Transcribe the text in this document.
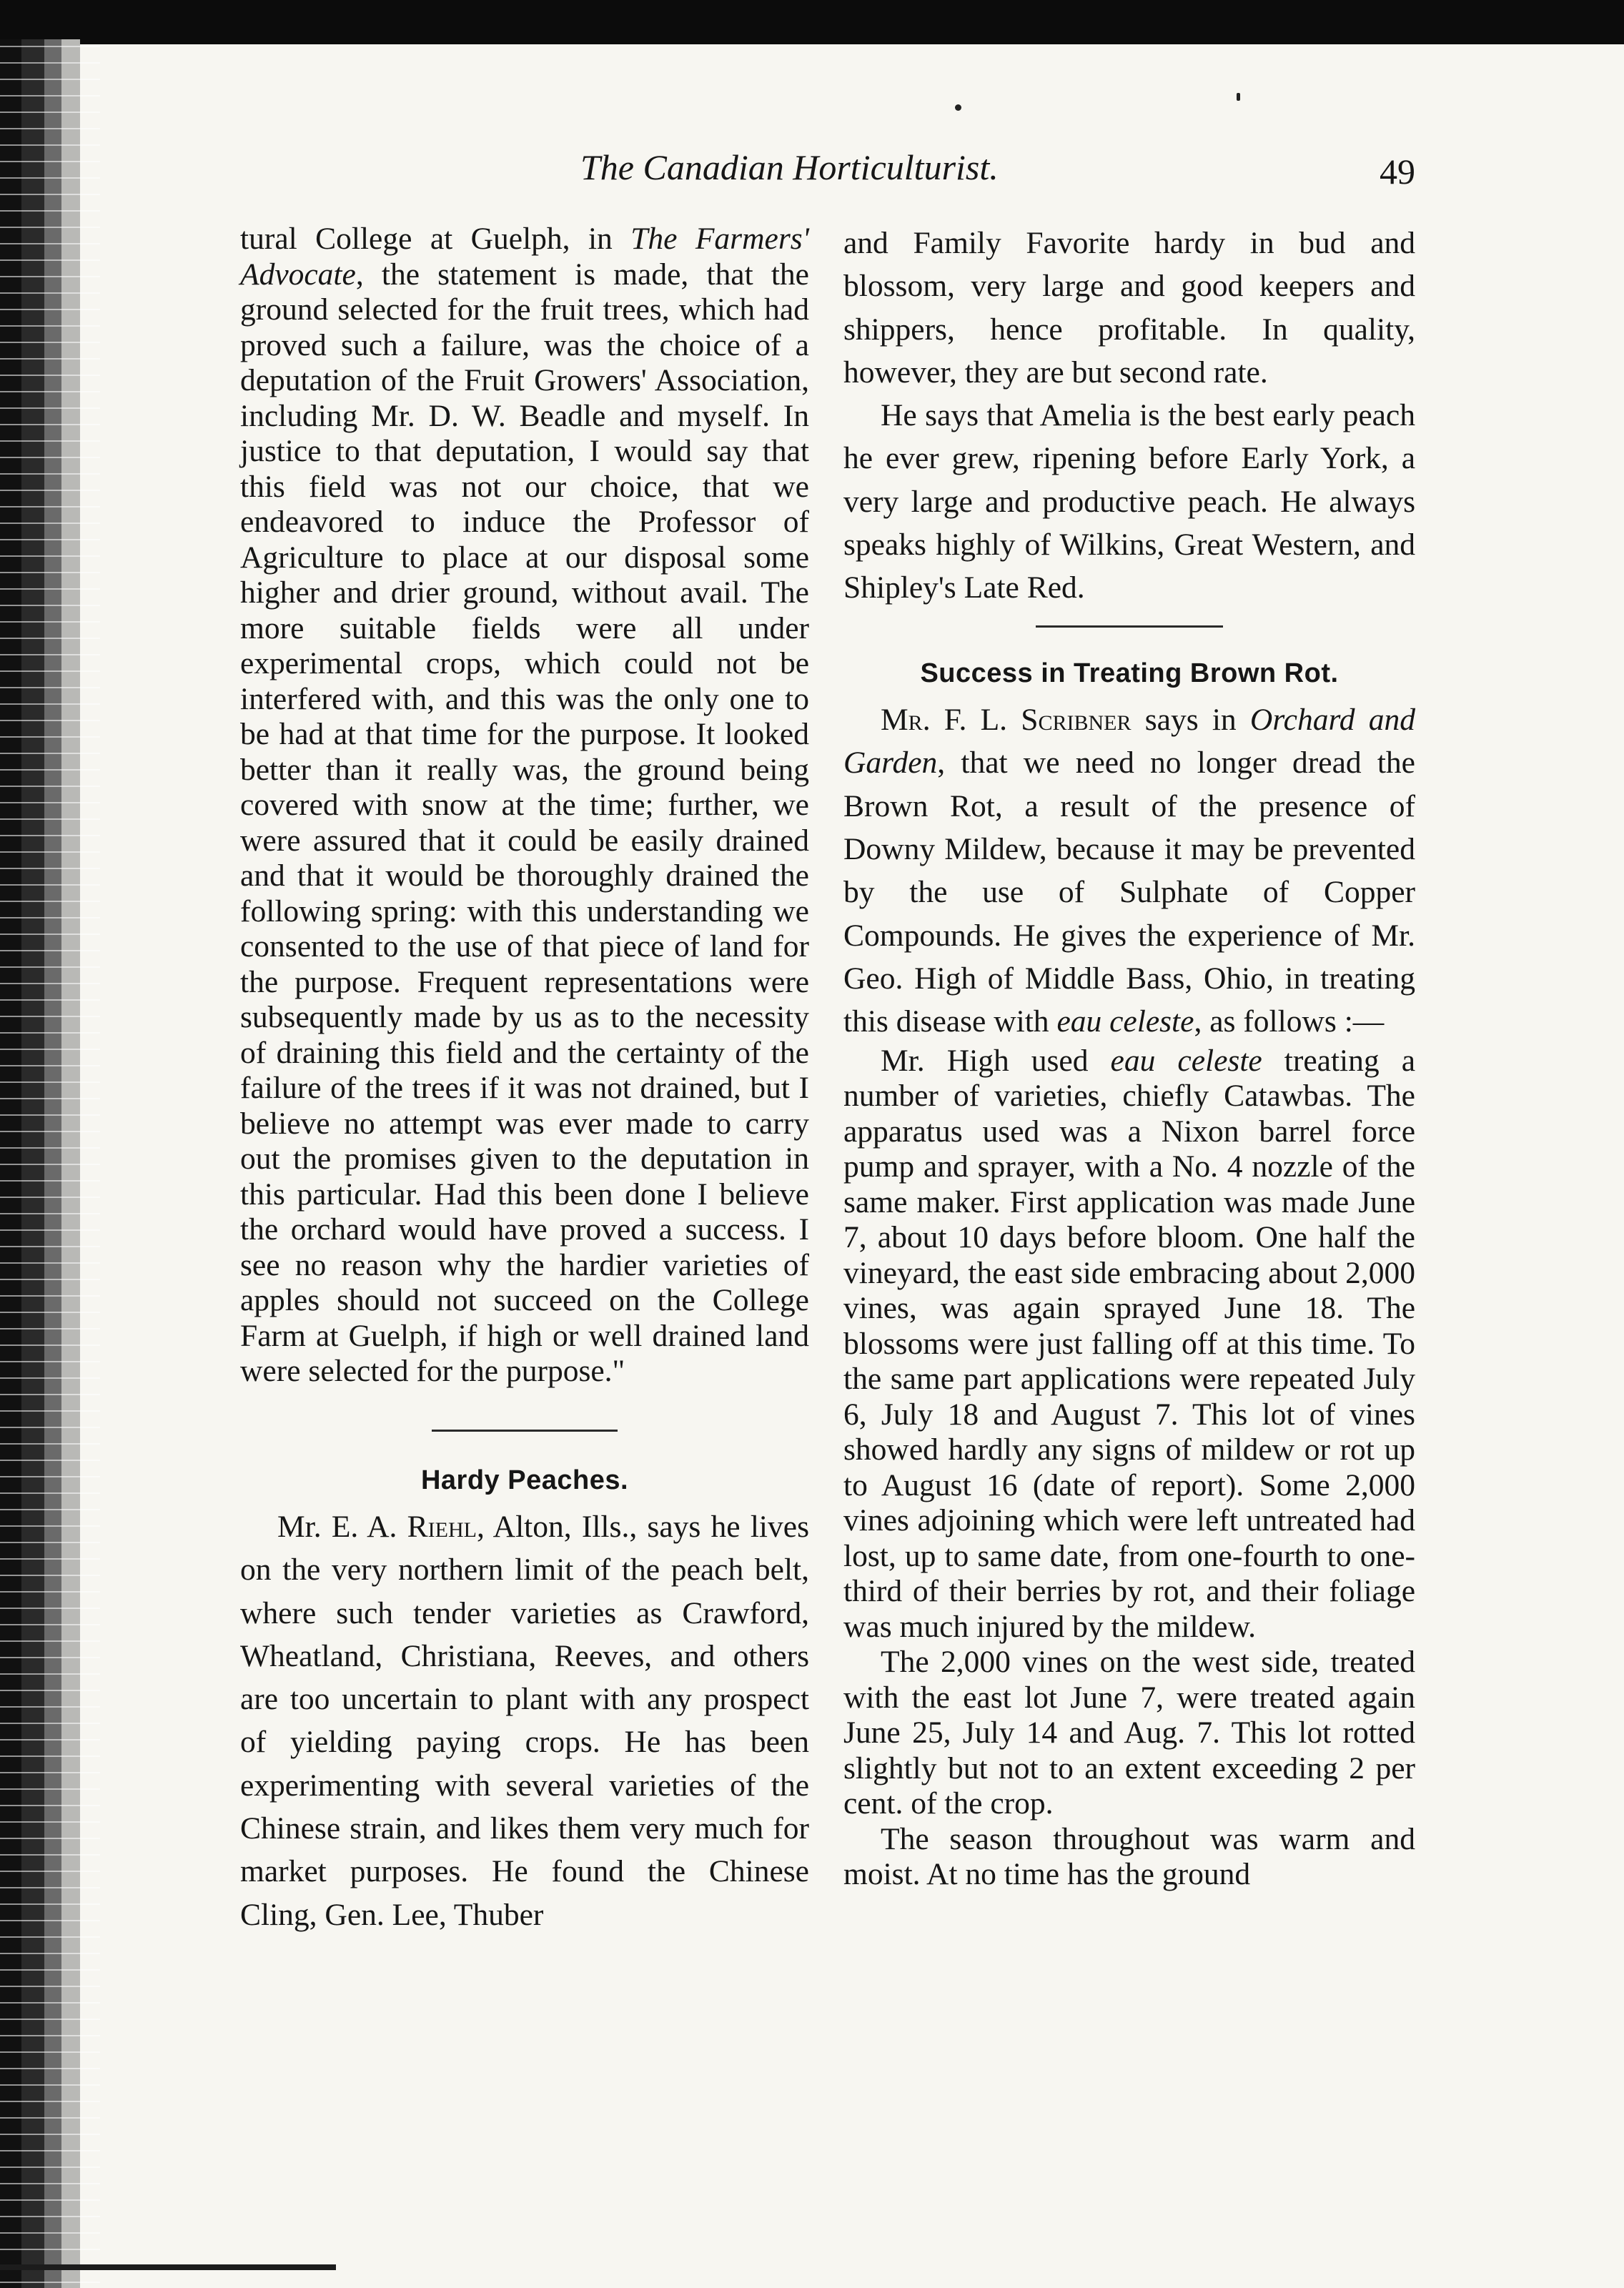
The Canadian Horticulturist.	49

tural College at Guelph, in The Farmers' Advocate, the statement is made, that the ground selected for the fruit trees, which had proved such a failure, was the choice of a deputation of the Fruit Growers' Association, including Mr. D. W. Beadle and myself. In justice to that deputation, I would say that this field was not our choice, that we endeavored to induce the Professor of Agriculture to place at our disposal some higher and drier ground, without avail. The more suitable fields were all under experimental crops, which could not be interfered with, and this was the only one to be had at that time for the purpose. It looked better than it really was, the ground being covered with snow at the time; further, we were assured that it could be easily drained and that it would be thoroughly drained the following spring: with this understanding we consented to the use of that piece of land for the purpose. Frequent representations were subsequently made by us as to the necessity of draining this field and the certainty of the failure of the trees if it was not drained, but I believe no attempt was ever made to carry out the promises given to the deputation in this particular. Had this been done I believe the orchard would have proved a success. I see no reason why the hardier varieties of apples should not succeed on the College Farm at Guelph, if high or well drained land were selected for the purpose."

Hardy Peaches.

Mr. E. A. Riehl, Alton, Ills., says he lives on the very northern limit of the peach belt, where such tender varieties as Crawford, Wheatland, Christiana, Reeves, and others are too uncertain to plant with any prospect of yielding paying crops. He has been experimenting with several varieties of the Chinese strain, and likes them very much for market purposes. He found the Chinese Cling, Gen. Lee, Thuber

and Family Favorite hardy in bud and blossom, very large and good keepers and shippers, hence profitable. In quality, however, they are but second rate.

He says that Amelia is the best early peach he ever grew, ripening before Early York, a very large and productive peach. He always speaks highly of Wilkins, Great Western, and Shipley's Late Red.

Success in Treating Brown Rot.

Mr. F. L. Scribner says in Orchard and Garden, that we need no longer dread the Brown Rot, a result of the presence of Downy Mildew, because it may be prevented by the use of Sulphate of Copper Compounds. He gives the experience of Mr. Geo. High of Middle Bass, Ohio, in treating this disease with eau celeste, as follows :—

Mr. High used eau celeste treating a number of varieties, chiefly Catawbas. The apparatus used was a Nixon barrel force pump and sprayer, with a No. 4 nozzle of the same maker. First application was made June 7, about 10 days before bloom. One half the vineyard, the east side embracing about 2,000 vines, was again sprayed June 18. The blossoms were just falling off at this time. To the same part applications were repeated July 6, July 18 and August 7. This lot of vines showed hardly any signs of mildew or rot up to August 16 (date of report). Some 2,000 vines adjoining which were left untreated had lost, up to same date, from one-fourth to one-third of their berries by rot, and their foliage was much injured by the mildew.

The 2,000 vines on the west side, treated with the east lot June 7, were treated again June 25, July 14 and Aug. 7. This lot rotted slightly but not to an extent exceeding 2 per cent. of the crop.

The season throughout was warm and moist. At no time has the ground
